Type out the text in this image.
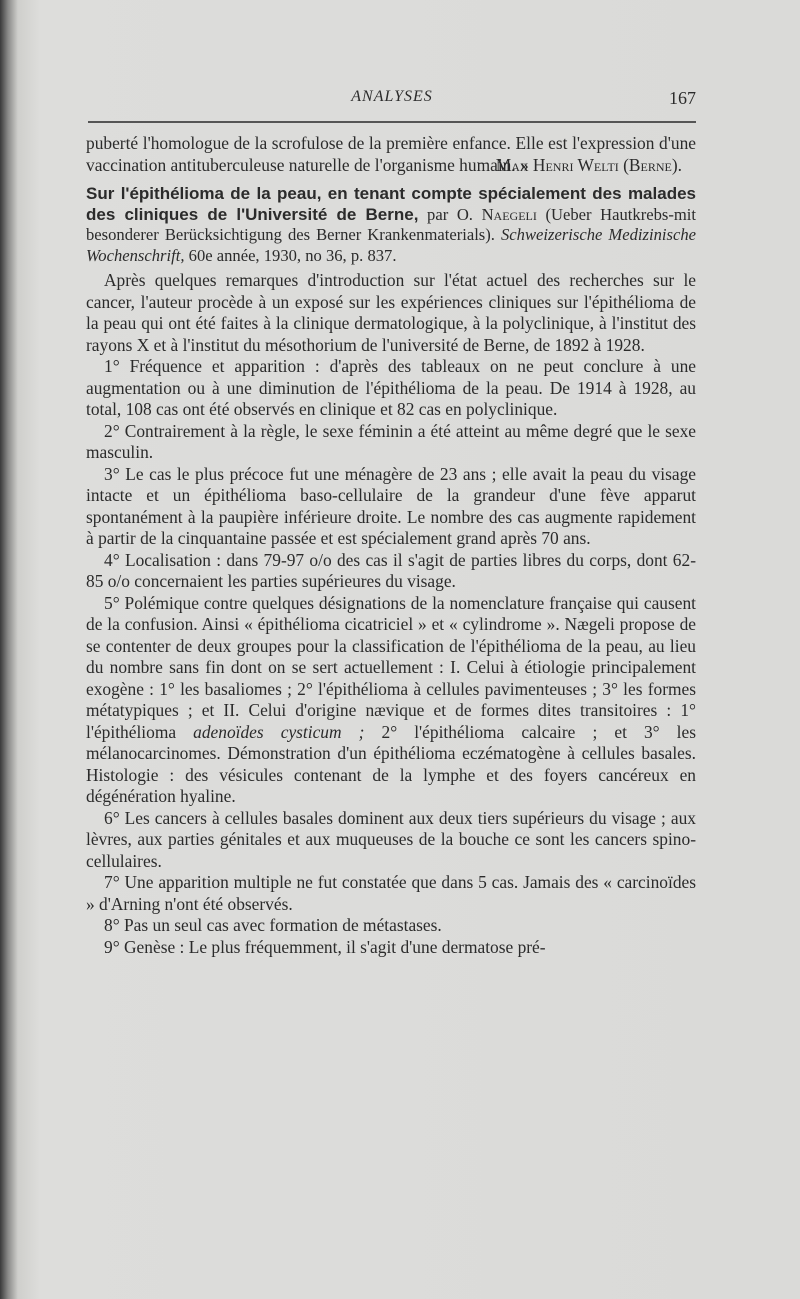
ANALYSES	167

puberté l'homologue de la scrofulose de la première enfance. Elle est l'expression d'une vaccination antituberculeuse naturelle de l'organisme humain. »

Max Henri Welti (Berne).
Sur l'épithélioma de la peau, en tenant compte spécialement des malades des cliniques de l'Université de Berne, par O. Naegeli (Ueber Hautkrebs-mit besonderer Berücksichtigung des Berner Krankenmaterials). Schweizerische Medizinische Wochenschrift, 60e année, 1930, no 36, p. 837.

Après quelques remarques d'introduction sur l'état actuel des recherches sur le cancer, l'auteur procède à un exposé sur les expériences cliniques sur l'épithélioma de la peau qui ont été faites à la clinique dermatologique, à la polyclinique, à l'institut des rayons X et à l'institut du mésothorium de l'université de Berne, de 1892 à 1928.

1° Fréquence et apparition : d'après des tableaux on ne peut conclure à une augmentation ou à une diminution de l'épithélioma de la peau. De 1914 à 1928, au total, 108 cas ont été observés en clinique et 82 cas en polyclinique.

2° Contrairement à la règle, le sexe féminin a été atteint au même degré que le sexe masculin.

3° Le cas le plus précoce fut une ménagère de 23 ans ; elle avait la peau du visage intacte et un épithélioma baso-cellulaire de la grandeur d'une fève apparut spontanément à la paupière inférieure droite. Le nombre des cas augmente rapidement à partir de la cinquantaine passée et est spécialement grand après 70 ans.

4° Localisation : dans 79-97 o/o des cas il s'agit de parties libres du corps, dont 62-85 o/o concernaient les parties supérieures du visage.

5° Polémique contre quelques désignations de la nomenclature française qui causent de la confusion. Ainsi « épithélioma cicatriciel » et « cylindrome ». Nægeli propose de se contenter de deux groupes pour la classification de l'épithélioma de la peau, au lieu du nombre sans fin dont on se sert actuellement : I. Celui à étiologie principalement exogène : 1° les basaliomes ; 2° l'épithélioma à cellules pavimenteuses ; 3° les formes métatypiques ; et II. Celui d'origine nævique et de formes dites transitoires : 1° l'épithélioma adenoïdes cysticum ; 2° l'épithélioma calcaire ; et 3° les mélanocarcinomes. Démonstration d'un épithélioma eczématogène à cellules basales. Histologie : des vésicules contenant de la lymphe et des foyers cancéreux en dégénération hyaline.

6° Les cancers à cellules basales dominent aux deux tiers supérieurs du visage ; aux lèvres, aux parties génitales et aux muqueuses de la bouche ce sont les cancers spino-cellulaires.

7° Une apparition multiple ne fut constatée que dans 5 cas. Jamais des « carcinoïdes » d'Arning n'ont été observés.

8° Pas un seul cas avec formation de métastases.

9° Genèse : Le plus fréquemment, il s'agit d'une dermatose pré-
